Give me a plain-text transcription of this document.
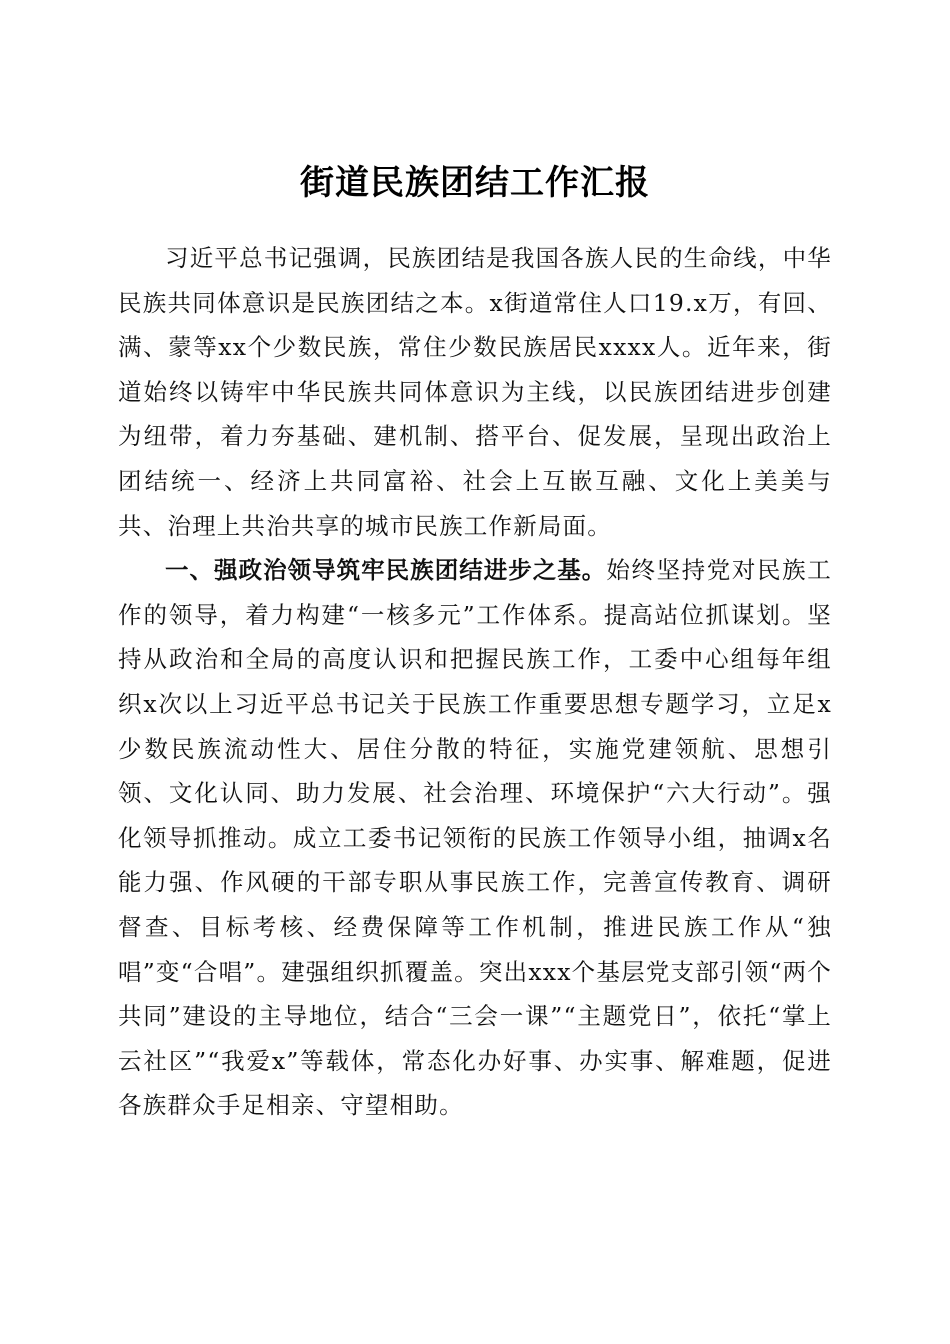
街道民族团结工作汇报

习近平总书记强调，民族团结是我国各族人民的生命线，中华民族共同体意识是民族团结之本。x街道常住人口19.x万，有回、满、蒙等xx个少数民族，常住少数民族居民xxxx人。近年来，街道始终以铸牢中华民族共同体意识为主线，以民族团结进步创建为纽带，着力夯基础、建机制、搭平台、促发展，呈现出政治上团结统一、经济上共同富裕、社会上互嵌互融、文化上美美与共、治理上共治共享的城市民族工作新局面。

一、强政治领导筑牢民族团结进步之基。始终坚持党对民族工作的领导，着力构建“一核多元”工作体系。提高站位抓谋划。坚持从政治和全局的高度认识和把握民族工作，工委中心组每年组织x次以上习近平总书记关于民族工作重要思想专题学习，立足x少数民族流动性大、居住分散的特征，实施党建领航、思想引领、文化认同、助力发展、社会治理、环境保护“六大行动”。强化领导抓推动。成立工委书记领衔的民族工作领导小组，抽调x名能力强、作风硬的干部专职从事民族工作，完善宣传教育、调研督查、目标考核、经费保障等工作机制，推进民族工作从“独唱”变“合唱”。建强组织抓覆盖。突出xxx个基层党支部引领“两个共同”建设的主导地位，结合“三会一课”“主题党日”，依托“掌上云社区”“我爱x”等载体，常态化办好事、办实事、解难题，促进各族群众手足相亲、守望相助。
